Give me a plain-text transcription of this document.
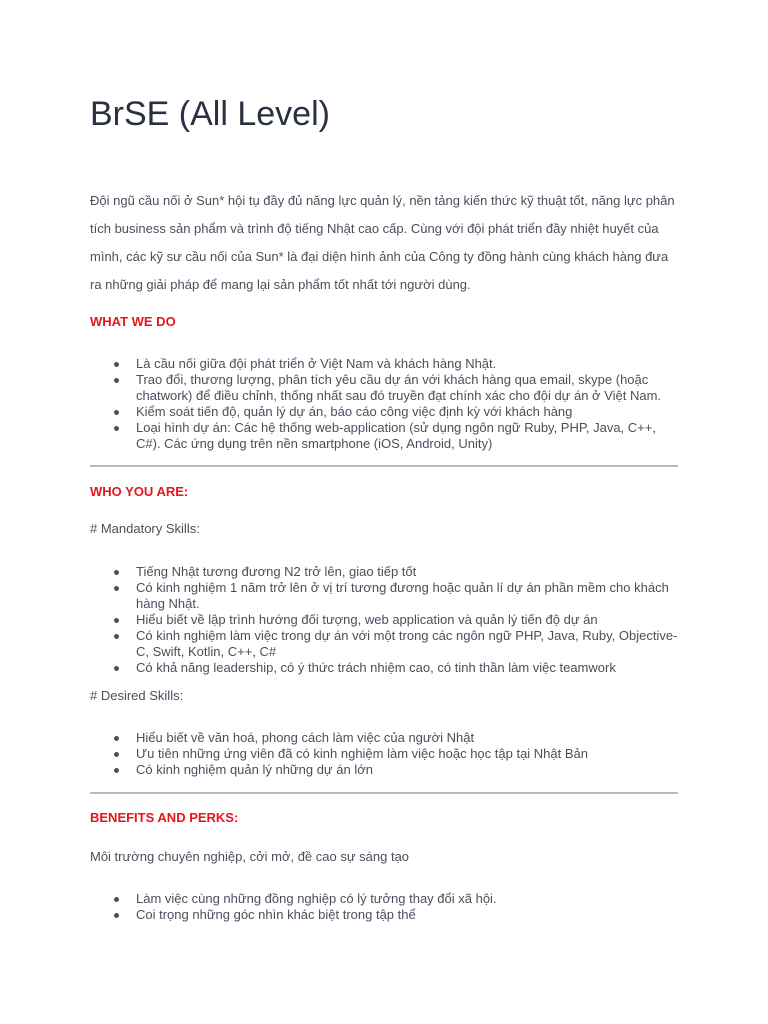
BrSE (All Level)

Đội ngũ cầu nối ở Sun* hội tụ đầy đủ năng lực quản lý, nền tảng kiến thức kỹ thuật tốt, năng lực phân tích business sản phẩm và trình độ tiếng Nhật cao cấp. Cùng với đội phát triển đầy nhiệt huyết của mình, các kỹ sư cầu nối của Sun* là đại diện hình ảnh của Công ty đồng hành cùng khách hàng đưa ra những giải pháp để mang lại sản phẩm tốt nhất tới người dùng.

WHAT WE DO
Là cầu nối giữa đội phát triển ở Việt Nam và khách hàng Nhật.
Trao đổi, thương lượng, phân tích yêu cầu dự án với khách hàng qua email, skype (hoặc chatwork) để điều chỉnh, thống nhất sau đó truyền đạt chính xác cho đội dự án ở Việt Nam.
Kiểm soát tiến độ, quản lý dự án, báo cáo công việc định kỳ với khách hàng
Loại hình dự án: Các hệ thống web-application (sử dụng ngôn ngữ Ruby, PHP, Java, C++, C#). Các ứng dụng trên nền smartphone (iOS, Android, Unity)
WHO YOU ARE:

# Mandatory Skills:

Tiếng Nhật tương đương N2 trở lên, giao tiếp tốt
Có kinh nghiệm 1 năm trở lên ở vị trí tương đương hoặc quản lí dự án phần mềm cho khách hàng Nhật.
Hiểu biết về lập trình hướng đối tượng, web application và quản lý tiến độ dự án
Có kinh nghiệm làm việc trong dự án với một trong các ngôn ngữ PHP, Java, Ruby, Objective-C, Swift, Kotlin, C++, C#
Có khả năng leadership, có ý thức trách nhiệm cao, có tinh thần làm việc teamwork

# Desired Skills:

Hiểu biết về văn hoá, phong cách làm việc của người Nhật
Ưu tiên những ứng viên đã có kinh nghiệm làm việc hoặc học tập tại Nhật Bản
Có kinh nghiệm quản lý những dự án lớn
BENEFITS AND PERKS:

Môi trường chuyên nghiệp, cởi mở, đề cao sự sáng tạo

Làm việc cùng những đồng nghiệp có lý tưởng thay đổi xã hội.
Coi trọng những góc nhìn khác biệt trong tập thể
